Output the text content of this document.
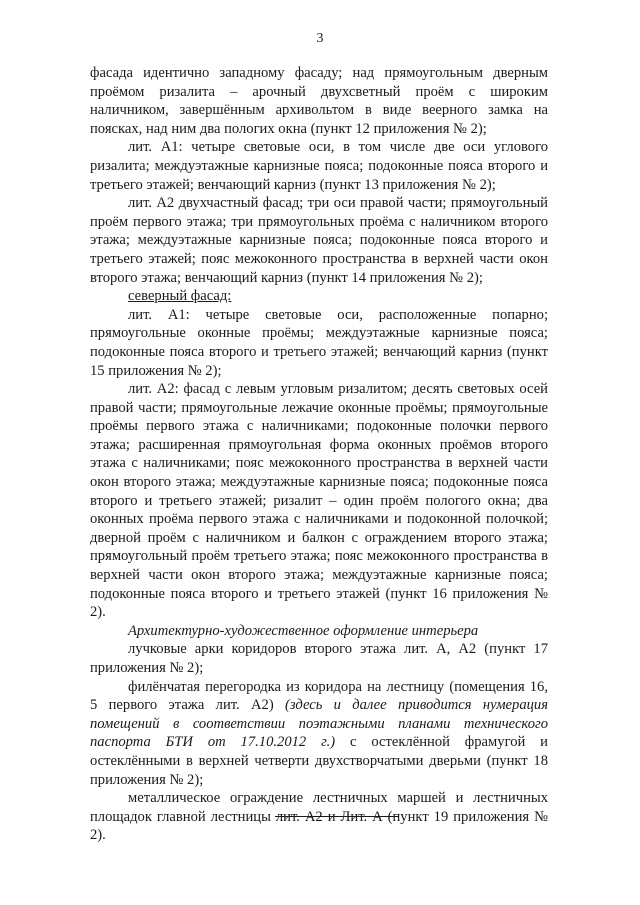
3

фасада идентично западному фасаду; над прямоугольным дверным проёмом ризалита – арочный двухсветный проём с широким наличником, завершённым архивольтом в виде веерного замка на поясках, над ним два пологих окна (пункт 12 приложения № 2);

лит. А1: четыре световые оси, в том числе две оси углового ризалита; междуэтажные карнизные пояса; подоконные пояса второго и третьего этажей; венчающий карниз (пункт 13 приложения № 2);

лит. А2 двухчастный фасад; три оси правой части; прямоугольный проём первого этажа; три прямоугольных проёма с наличником второго этажа; междуэтажные карнизные пояса; подоконные пояса второго и третьего этажей; пояс межоконного пространства в верхней части окон второго этажа; венчающий карниз (пункт 14 приложения № 2);

северный фасад:

лит. А1: четыре световые оси, расположенные попарно; прямоугольные оконные проёмы; междуэтажные карнизные пояса; подоконные пояса второго и третьего этажей; венчающий карниз (пункт 15 приложения № 2);

лит. А2: фасад с левым угловым ризалитом; десять световых осей правой части; прямоугольные лежачие оконные проёмы; прямоугольные проёмы первого этажа с наличниками; подоконные полочки первого этажа; расширенная прямоугольная форма оконных проёмов второго этажа с наличниками; пояс межоконного пространства в верхней части окон второго этажа; междуэтажные карнизные пояса; подоконные пояса второго и третьего этажей; ризалит – один проём пологого окна; два оконных проёма первого этажа с наличниками и подоконной полочкой; дверной проём с наличником и балкон с ограждением второго этажа; прямоугольный проём третьего этажа; пояс межоконного пространства в верхней части окон второго этажа; междуэтажные карнизные пояса; подоконные пояса второго и третьего этажей (пункт 16 приложения № 2).

Архитектурно-художественное оформление интерьера

лучковые арки коридоров второго этажа лит. А, А2 (пункт 17 приложения № 2);

филёнчатая перегородка из коридора на лестницу (помещения 16, 5 первого этажа лит. А2) (здесь и далее приводится нумерация помещений в соответствии поэтажными планами технического паспорта БТИ от 17.10.2012 г.) с остеклённой фрамугой и остеклёнными в верхней четверти двухстворчатыми дверьми (пункт 18 приложения № 2);

металлическое ограждение лестничных маршей и лестничных площадок главной лестницы лит. А2 и Лит. А (пункт 19 приложения № 2).
